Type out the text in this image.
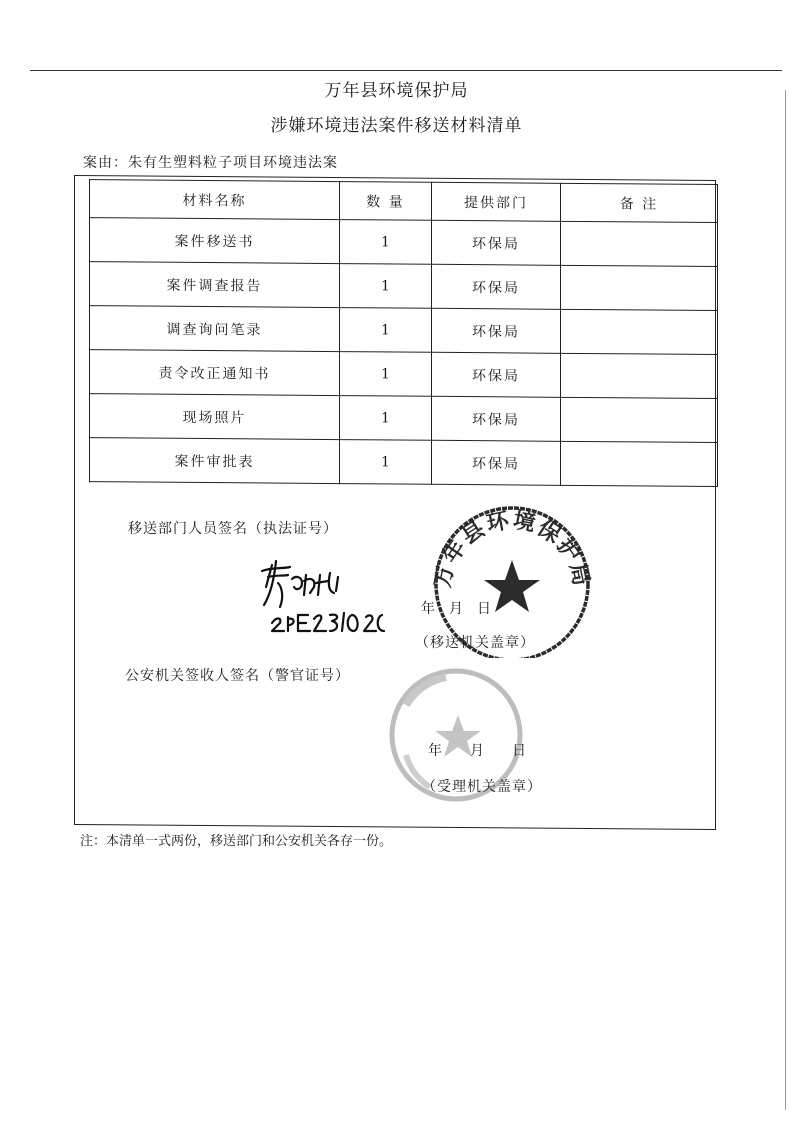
万年县环境保护局
涉嫌环境违法案件移送材料清单
案由：朱有生塑料粒子项目环境违法案
材料名称	数 量	提供部门	备 注
案件移送书	1	环保局	
案件调查报告	1	环保局	
调查询问笔录	1	环保局	
责令改正通知书	1	环保局	
现场照片	1	环保局	
案件审批表	1	环保局	
移送部门人员签名（执法证号）
万年县环境保护局
年　月　日
（移送机关盖章）
公安机关签收人签名（警官证号）
年　　月　　日
（受理机关盖章）
注：本清单一式两份，移送部门和公安机关各存一份。
